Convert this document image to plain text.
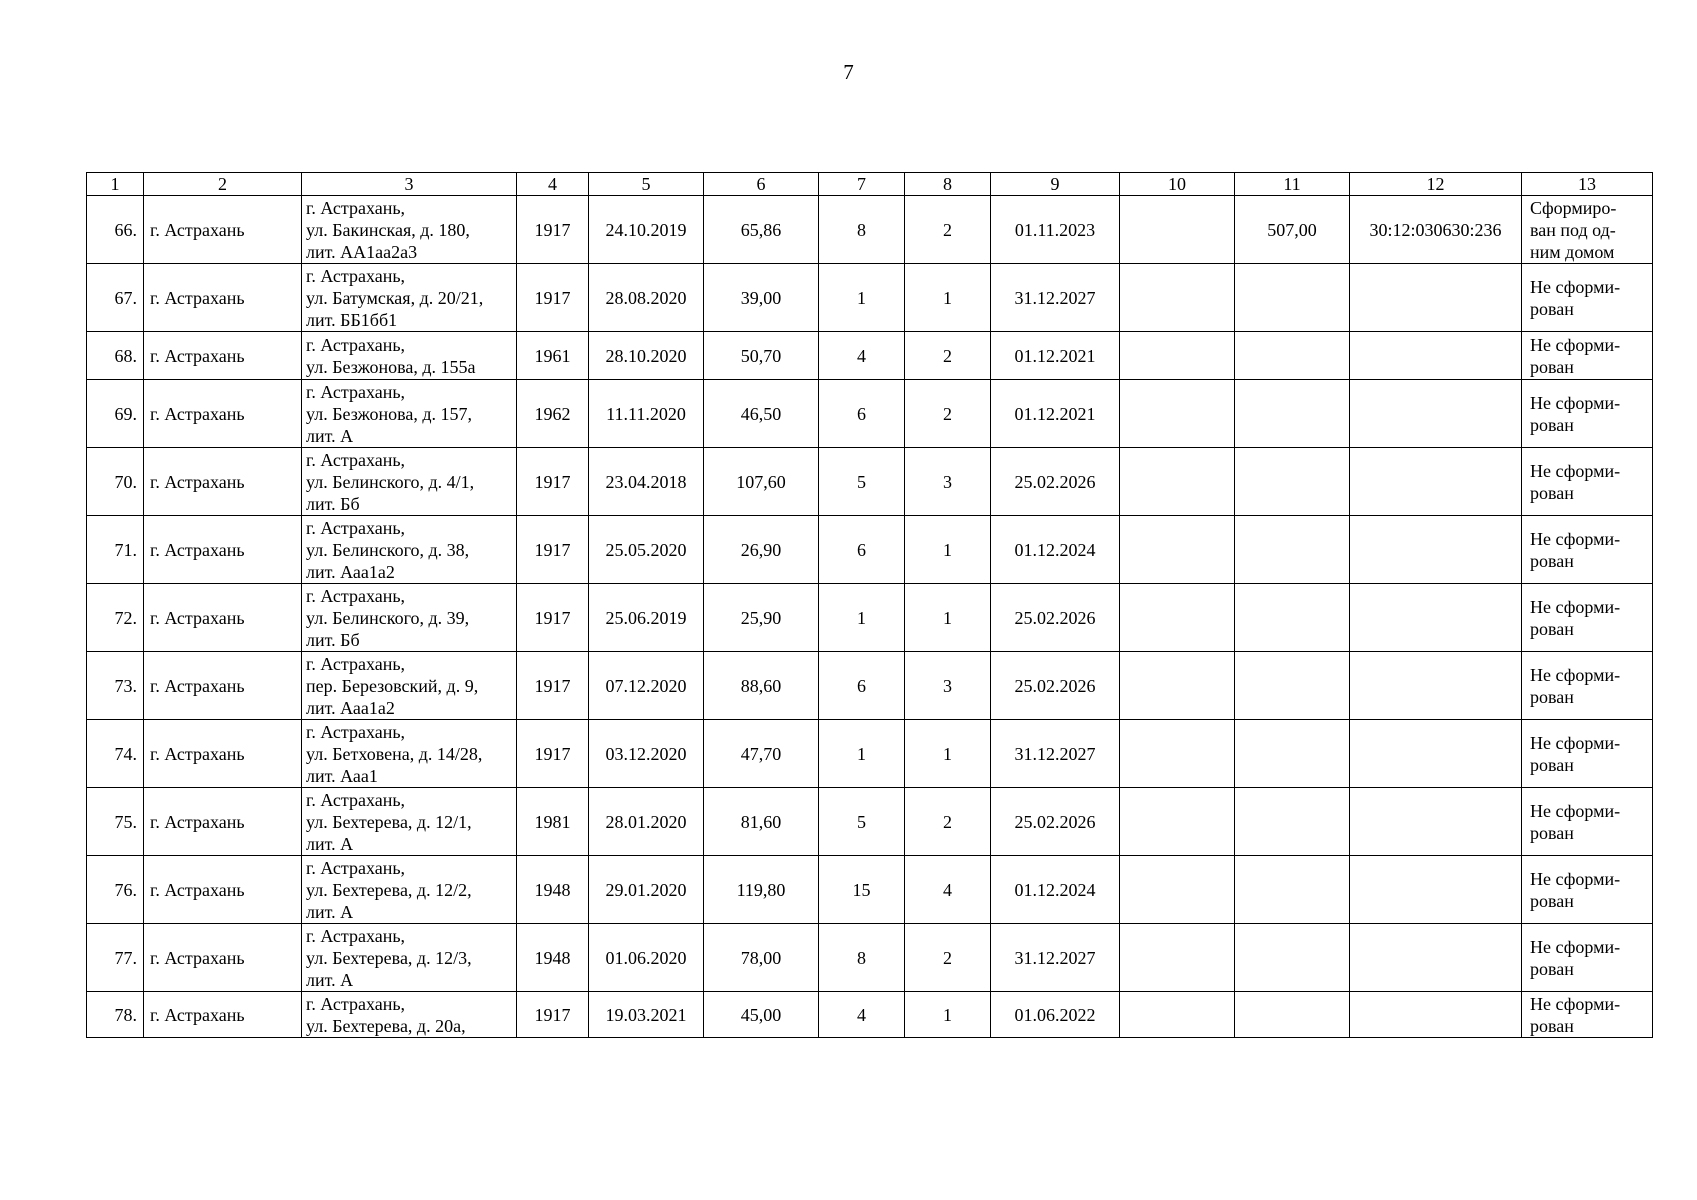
7
1	2	3	4	5	6	7	8	9	10	11	12	13
66.	г. Астрахань	г. Астрахань,
ул. Бакинская, д. 180,
лит. АА1аа2а3	1917	24.10.2019	65,86	8	2	01.11.2023		507,00	30:12:030630:236	Сформиро-
ван под од-
ним домом
67.	г. Астрахань	г. Астрахань,
ул. Батумская, д. 20/21,
лит. ББ1бб1	1917	28.08.2020	39,00	1	1	31.12.2027				Не сформи-
рован
68.	г. Астрахань	г. Астрахань,
ул. Безжонова, д. 155а	1961	28.10.2020	50,70	4	2	01.12.2021				Не сформи-
рован
69.	г. Астрахань	г. Астрахань,
ул. Безжонова, д. 157,
лит. А	1962	11.11.2020	46,50	6	2	01.12.2021				Не сформи-
рован
70.	г. Астрахань	г. Астрахань,
ул. Белинского, д. 4/1,
лит. Бб	1917	23.04.2018	107,60	5	3	25.02.2026				Не сформи-
рован
71.	г. Астрахань	г. Астрахань,
ул. Белинского, д. 38,
лит. Ааа1а2	1917	25.05.2020	26,90	6	1	01.12.2024				Не сформи-
рован
72.	г. Астрахань	г. Астрахань,
ул. Белинского, д. 39,
лит. Бб	1917	25.06.2019	25,90	1	1	25.02.2026				Не сформи-
рован
73.	г. Астрахань	г. Астрахань,
пер. Березовский, д. 9,
лит. Ааа1а2	1917	07.12.2020	88,60	6	3	25.02.2026				Не сформи-
рован
74.	г. Астрахань	г. Астрахань,
ул. Бетховена, д. 14/28,
лит. Ааа1	1917	03.12.2020	47,70	1	1	31.12.2027				Не сформи-
рован
75.	г. Астрахань	г. Астрахань,
ул. Бехтерева, д. 12/1,
лит. А	1981	28.01.2020	81,60	5	2	25.02.2026				Не сформи-
рован
76.	г. Астрахань	г. Астрахань,
ул. Бехтерева, д. 12/2,
лит. А	1948	29.01.2020	119,80	15	4	01.12.2024				Не сформи-
рован
77.	г. Астрахань	г. Астрахань,
ул. Бехтерева, д. 12/3,
лит. А	1948	01.06.2020	78,00	8	2	31.12.2027				Не сформи-
рован
78.	г. Астрахань	г. Астрахань,
ул. Бехтерева, д. 20а,	1917	19.03.2021	45,00	4	1	01.06.2022				Не сформи-
рован
